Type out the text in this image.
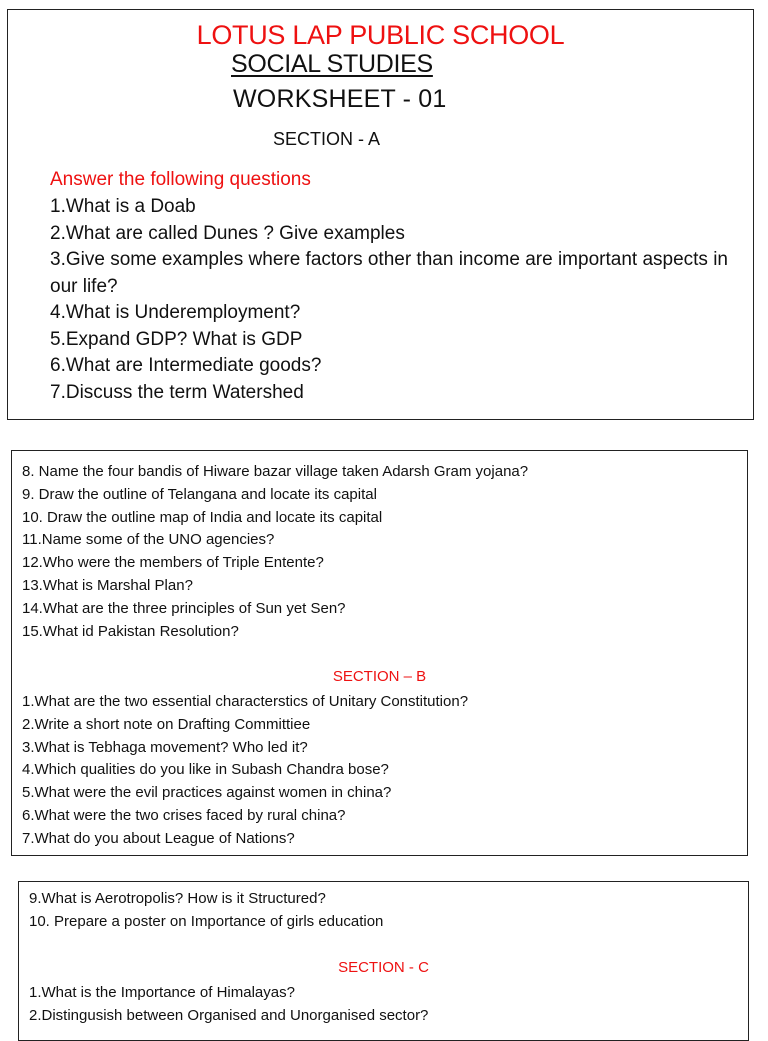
LOTUS LAP PUBLIC SCHOOL
SOCIAL STUDIES
WORKSHEET - 01
SECTION - A
Answer the following questions
1.What is a Doab
2.What are called Dunes ? Give examples
3.Give some examples where factors other than income are important aspects in our life?
4.What is Underemployment?
5.Expand GDP? What is GDP
6.What are Intermediate goods?
7.Discuss the term Watershed
8. Name the four bandis of Hiware bazar village taken Adarsh Gram yojana?
9. Draw the outline of Telangana and locate its capital
10. Draw the outline map of India and locate its capital
11.Name some of the UNO agencies?
12.Who were the members of Triple Entente?
13.What is Marshal Plan?
14.What are the three principles of Sun yet Sen?
15.What id Pakistan Resolution?
SECTION – B
1.What are the two essential characterstics of Unitary Constitution?
2.Write a short note on Drafting Committiee
3.What is Tebhaga movement? Who led it?
4.Which qualities do you like in Subash Chandra bose?
5.What were the evil practices against women in china?
6.What were the two crises faced by rural china?
7.What do you about League of Nations?
9.What is Aerotropolis? How is it Structured?
10. Prepare a poster on Importance of girls education
SECTION - C
1.What is the Importance of Himalayas?
2.Distingusish between Organised and Unorganised sector?
